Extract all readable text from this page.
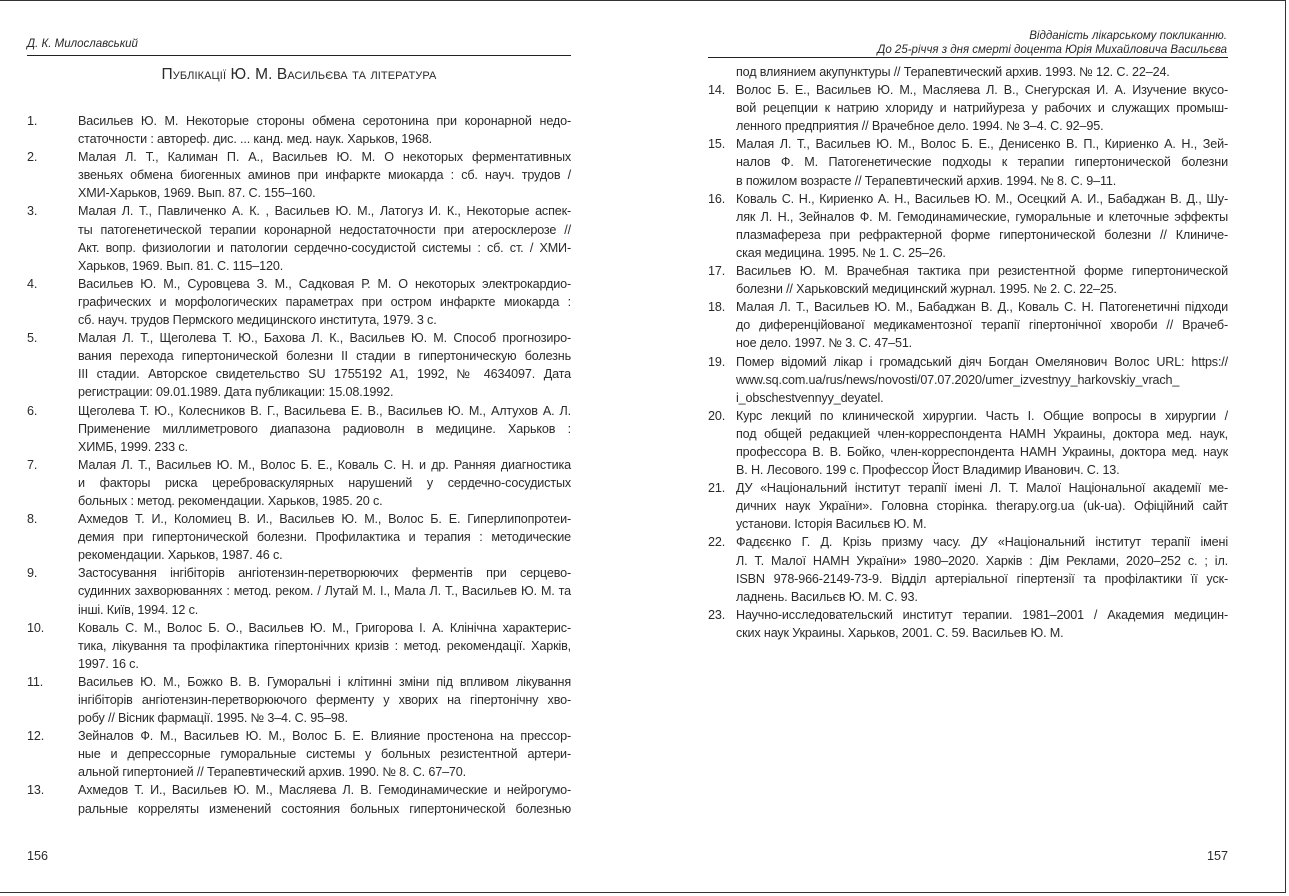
Д. К. Милославський
Публікації Ю. М. Васильєва та література
1.	Васильев Ю. М. Некоторые стороны обмена серотонина при коронарной недо-
статочности : автореф. дис. ... канд. мед. наук. Харьков, 1968.
2.	Малая Л. Т., Калиман П. А., Васильев Ю. М. О некоторых ферментативных
звеньях обмена биогенных аминов при инфаркте миокарда : сб. науч. трудов /
ХМИ-Харьков, 1969. Вып. 87. С. 155–160.
3.	Малая Л. Т., Павличенко А. К. , Васильев Ю. М., Латогуз И. К., Некоторые аспек-
ты патогенетической терапии коронарной недостаточности при атеросклерозе //
Акт. вопр. физиологии и патологии сердечно-сосудистой системы : сб. ст. / ХМИ-
Харьков, 1969. Вып. 81. С. 115–120.
4.	Васильев Ю. М., Суровцева З. М., Садковая Р. М. О некоторых электрокардио-
графических и морфологических параметрах при остром инфаркте миокарда :
сб. науч. трудов Пермского медицинского института, 1979. 3 с.
5.	Малая Л. Т., Щеголева Т. Ю., Бахова Л. К., Васильев Ю. М. Способ прогнозиро-
вания перехода гипертонической болезни II стадии в гипертоническую болезнь
III стадии. Авторское свидетельство SU 1755192 A1, 1992, № 4634097. Дата
регистрации: 09.01.1989. Дата публикации: 15.08.1992.
6.	Щеголева Т. Ю., Колесников В. Г., Васильева Е. В., Васильев Ю. М., Алтухов А. Л.
Применение миллиметрового диапазона радиоволн в медицине. Харьков :
ХИМБ, 1999. 233 с.
7.	Малая Л. Т., Васильев Ю. М., Волос Б. Е., Коваль С. Н. и др. Ранняя диагностика
и факторы риска цереброваскулярных нарушений у сердечно-сосудистых
больных : метод. рекомендации. Харьков, 1985. 20 с.
8.	Ахмедов Т. И., Коломиец В. И., Васильев Ю. М., Волос Б. Е. Гиперлипопротеи-
демия при гипертонической болезни. Профилактика и терапия : методические
рекомендации. Харьков, 1987. 46 с.
9.	Застосування інгібіторів ангіотензин-перетворюючих ферментів при серцево-
судинних захворюваннях : метод. реком. / Лутай М. І., Мала Л. Т., Васильев Ю. М. та
інші. Київ, 1994. 12 с.
10.	Коваль С. М., Волос Б. О., Васильев Ю. М., Григорова І. А. Клінічна характерис-
тика, лікування та профілактика гіпертонічних кризів : метод. рекомендації. Харків,
1997. 16 с.
11.	Васильев Ю. М., Божко В. В. Гуморальні і клітинні зміни під впливом лікування
інгібіторів ангіотензин-перетворюючого ферменту у хворих на гіпертонічну хво-
робу // Вісник фармації. 1995. № 3–4. С. 95–98.
12.	Зейналов Ф. М., Васильев Ю. М., Волос Б. Е. Влияние простенона на прессор-
ные и депрессорные гуморальные системы у больных резистентной артери-
альной гипертонией // Терапевтический архив. 1990. № 8. С. 67–70.
13.	Ахмедов Т. И., Васильев Ю. М., Масляева Л. В. Гемодинамические и нейрогумо-
ральные корреляты изменений состояния больных гипертонической болезнью
156
Відданість лікарському покликанню.
До 25-річчя з дня смерті доцента Юрія Михайловича Васильєва
под влиянием акупунктуры // Терапевтический архив. 1993. № 12. С. 22–24.
14. Волос Б. Е., Васильев Ю. М., Масляева Л. В., Снегурская И. А. Изучение вкусо-
вой рецепции к натрию хлориду и натрийуреза у рабочих и служащих промыш-
ленного предприятия // Врачебное дело. 1994. № 3–4. С. 92–95.
15. Малая Л. Т., Васильев Ю. М., Волос Б. Е., Денисенко В. П., Кириенко А. Н., Зей-
налов Ф. М. Патогенетические подходы к терапии гипертонической болезни
в пожилом возрасте // Терапевтический архив. 1994. № 8. С. 9–11.
16. Коваль С. Н., Кириенко А. Н., Васильев Ю. М., Осецкий А. И., Бабаджан В. Д., Шу-
ляк Л. Н., Зейналов Ф. М. Гемодинамические, гуморальные и клеточные эффекты
плазмафереза при рефрактерной форме гипертонической болезни // Клиниче-
ская медицина. 1995. № 1. С. 25–26.
17. Васильев Ю. М. Врачебная тактика при резистентной форме гипертонической
болезни // Харьковский медицинский журнал. 1995. № 2. С. 22–25.
18. Малая Л. Т., Васильев Ю. М., Бабаджан В. Д., Коваль С. Н. Патогенетичні підходи
до диференційованої медикаментозної терапії гіпертонічної хвороби // Врачеб-
ное дело. 1997. № 3. С. 47–51.
19. Помер відомий лікар і громадський діяч Богдан Омелянович Волос URL: https://
www.sq.com.ua/rus/news/novosti/07.07.2020/umer_izvestnyy_harkovskiy_vrach_
i_obschestvennyy_deyatel.
20. Курс лекций по клинической хирургии. Часть І. Общие вопросы в хирургии /
под общей редакцией член-корреспондента НАМН Украины, доктора мед. наук,
профессора В. В. Бойко, член-корреспондента НАМН Украины, доктора мед. наук
В. Н. Лесового. 199 с. Профессор Йост Владимир Иванович. С. 13.
21. ДУ «Національний інститут терапії імені Л. Т. Малої Національної академії ме-
дичних наук України». Головна сторінка. therapy.org.ua (uk-ua). Офіційний сайт
установи. Історія Васильєв Ю. М.
22. Фадєєнко Г. Д. Крізь призму часу. ДУ «Національний інститут терапії імені
Л. Т. Малої НАМН України» 1980–2020. Харків : Дім Реклами, 2020–252 с. ; іл.
ISBN 978-966-2149-73-9. Відділ артеріальної гіпертензії та профілактики її уск-
ладнень. Васильєв Ю. М. С. 93.
23. Научно-исследовательский институт терапии. 1981–2001 / Академия медицин-
ских наук Украины. Харьков, 2001. С. 59. Васильев Ю. М.
157
